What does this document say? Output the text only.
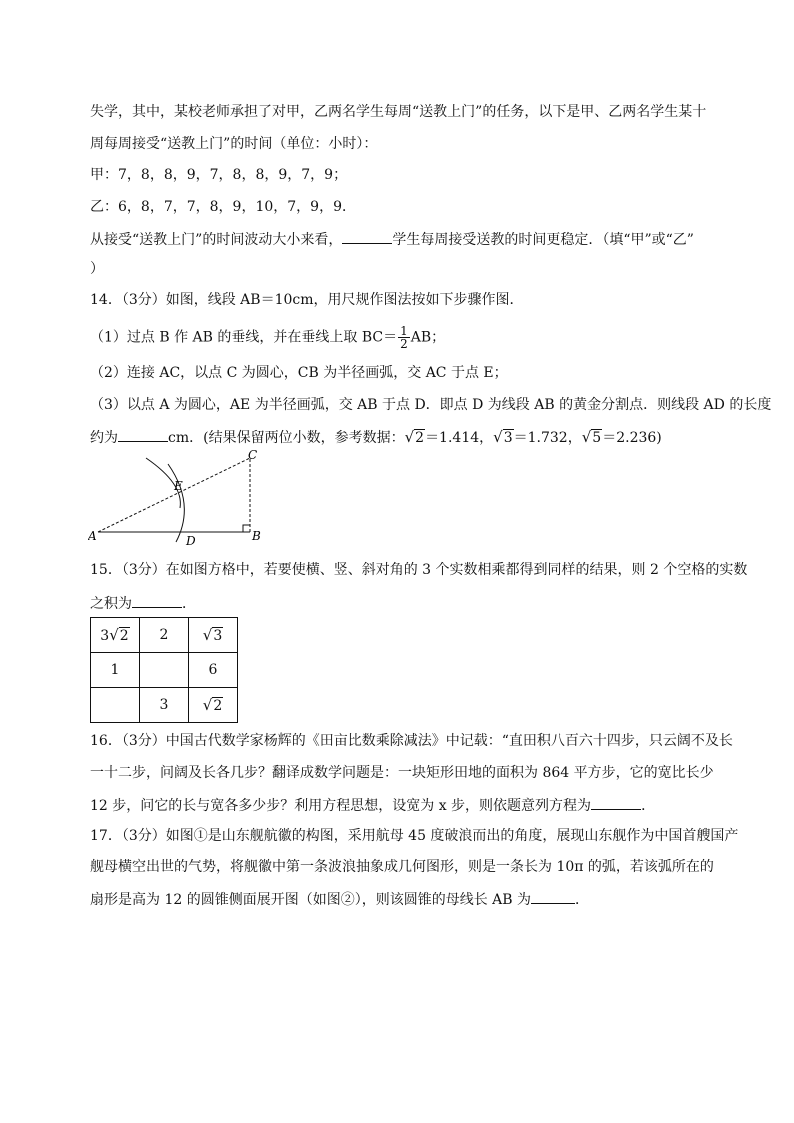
失学，其中，某校老师承担了对甲，乙两名学生每周“送教上门”的任务，以下是甲、乙两名学生某十
周每周接受“送教上门”的时间（单位：小时）：
甲：7，8，8，9，7，8，8，9，7，9；
乙：6，8，7，7，8，9，10，7，9，9．
从接受“送教上门”的时间波动大小来看，	学生每周接受送教的时间更稳定．（填“甲”或“乙”
）
14．（3分）如图，线段 AB＝10cm，用尺规作图法按如下步骤作图．
（1）过点 B 作 AB 的垂线，并在垂线上取 $BC= \frac{1}{2}$ AB；
（2）连接 AC，以点 C 为圆心，CB 为半径画弧，交 AC 于点 E；
（3）以点 A 为圆心，AE 为半径画弧，交 AB 于点 D．即点 D 为线段 AB 的黄金分割点．则线段 AD 的长度
约为	cm．(结果保留两位小数，参考数据：√2＝1.414，√3＝1.732，√5＝2.236)
A	B
C
D
E
15．（3分）在如图方格中，若要使横、竖、斜对角的 3 个实数相乘都得到同样的结果，则 2 个空格的实数
之积为	．
3√2	2	√3
1		6
	3	√2
16．（3分）中国古代数学家杨辉的《田亩比数乘除减法》中记载：“直田积八百六十四步，只云阔不及长
一十二步，问阔及长各几步？翻译成数学问题是：一块矩形田地的面积为 864 平方步，它的宽比长少
12 步，问它的长与宽各多少步？利用方程思想，设宽为 x 步，则依题意列方程为	．
17．（3分）如图①是山东舰航徽的构图，采用航母 45 度破浪而出的角度，展现山东舰作为中国首艘国产
舰母横空出世的气势，将舰徽中第一条波浪抽象成几何图形，则是一条长为 10π 的弧，若该弧所在的
扇形是高为 12 的圆锥侧面展开图（如图②），则该圆锥的母线长 AB 为	．
